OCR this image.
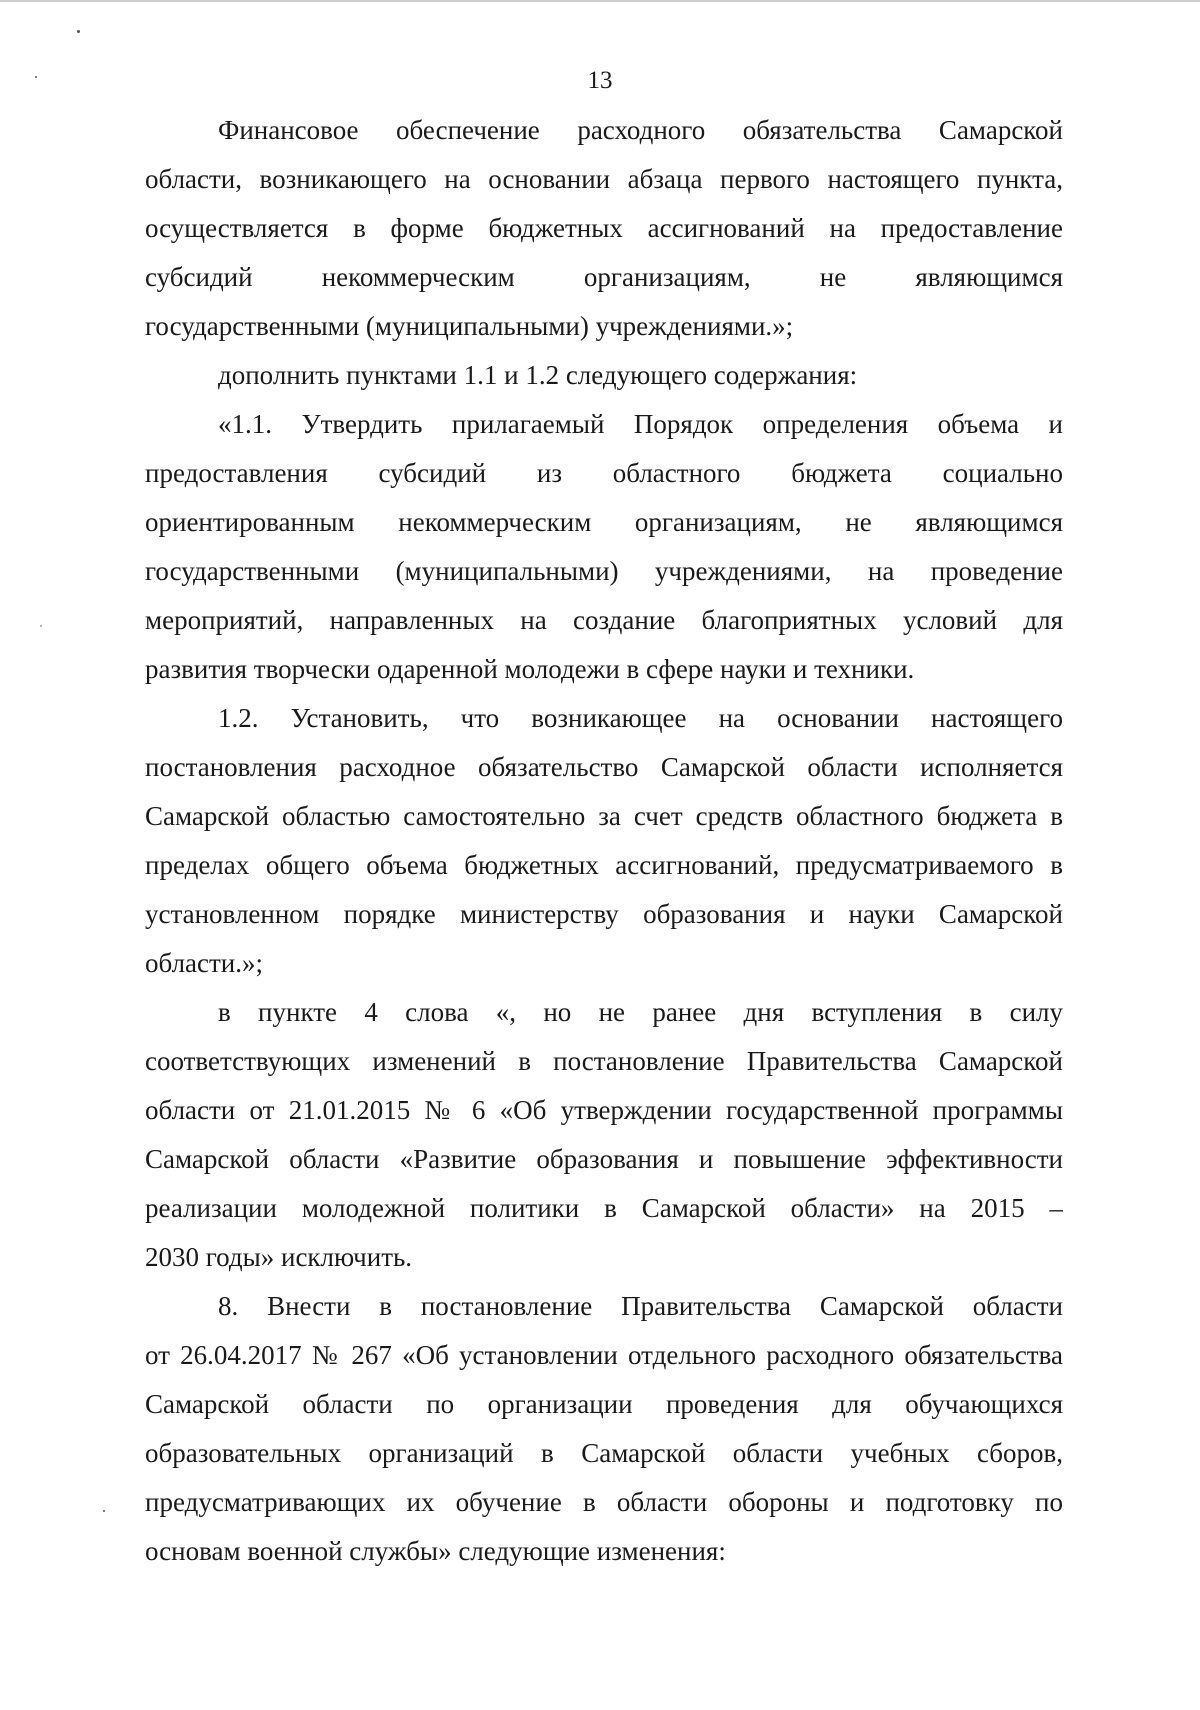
13
Финансовое обеспечение расходного обязательства Самарской
области, возникающего на основании абзаца первого настоящего пункта,
осуществляется в форме бюджетных ассигнований на предоставление
субсидий некоммерческим организациям, не являющимся
государственными (муниципальными) учреждениями.»;
дополнить пунктами 1.1 и 1.2 следующего содержания:
«1.1. Утвердить прилагаемый Порядок определения объема и
предоставления субсидий из областного бюджета социально
ориентированным некоммерческим организациям, не являющимся
государственными (муниципальными) учреждениями, на проведение
мероприятий, направленных на создание благоприятных условий для
развития творчески одаренной молодежи в сфере науки и техники.
1.2. Установить, что возникающее на основании настоящего
постановления расходное обязательство Самарской области исполняется
Самарской областью самостоятельно за счет средств областного бюджета в
пределах общего объема бюджетных ассигнований, предусматриваемого в
установленном порядке министерству образования и науки Самарской
области.»;
в пункте 4 слова «, но не ранее дня вступления в силу
соответствующих изменений в постановление Правительства Самарской
области от 21.01.2015 № 6 «Об утверждении государственной программы
Самарской области «Развитие образования и повышение эффективности
реализации молодежной политики в Самарской области» на 2015 –
2030 годы» исключить.
8. Внести в постановление Правительства Самарской области
от 26.04.2017 № 267 «Об установлении отдельного расходного обязательства
Самарской области по организации проведения для обучающихся
образовательных организаций в Самарской области учебных сборов,
предусматривающих их обучение в области обороны и подготовку по
основам военной службы» следующие изменения:
